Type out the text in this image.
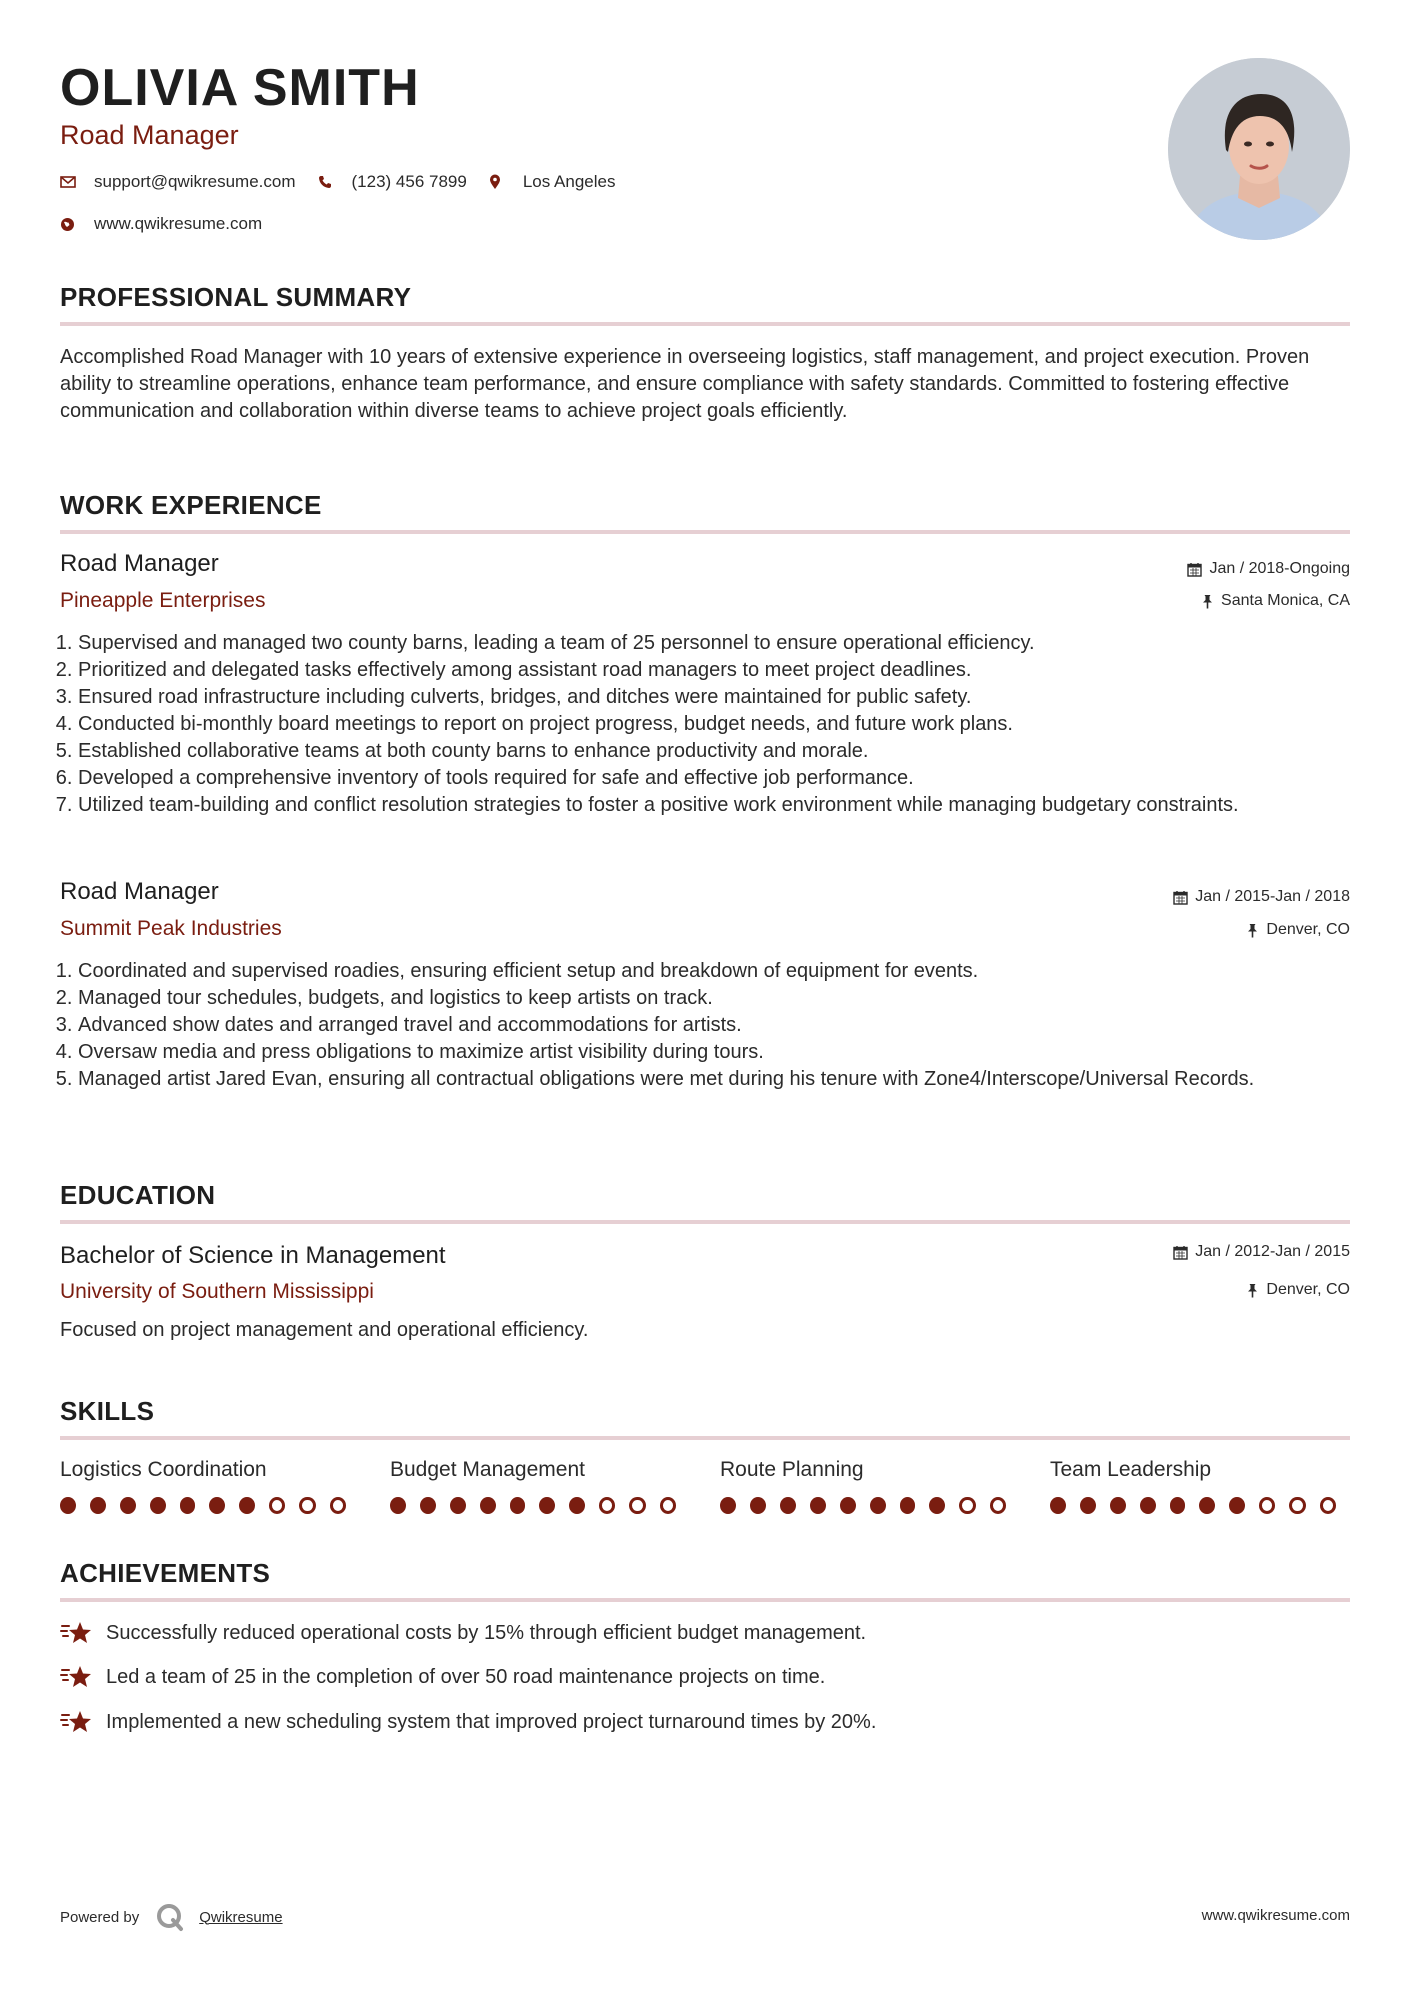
OLIVIA SMITH
Road Manager
support@qwikresume.com	(123) 456 7899	Los Angeles
www.qwikresume.com
PROFESSIONAL SUMMARY
Accomplished Road Manager with 10 years of extensive experience in overseeing logistics, staff management, and project execution. Proven ability to streamline operations, enhance team performance, and ensure compliance with safety standards. Committed to fostering effective communication and collaboration within diverse teams to achieve project goals efficiently.
WORK EXPERIENCE
Road Manager
Pineapple Enterprises
Jan / 2018-Ongoing
Santa Monica, CA
1. Supervised and managed two county barns, leading a team of 25 personnel to ensure operational efficiency.
2. Prioritized and delegated tasks effectively among assistant road managers to meet project deadlines.
3. Ensured road infrastructure including culverts, bridges, and ditches were maintained for public safety.
4. Conducted bi-monthly board meetings to report on project progress, budget needs, and future work plans.
5. Established collaborative teams at both county barns to enhance productivity and morale.
6. Developed a comprehensive inventory of tools required for safe and effective job performance.
7. Utilized team-building and conflict resolution strategies to foster a positive work environment while managing budgetary constraints.
Road Manager
Summit Peak Industries
Jan / 2015-Jan / 2018
Denver, CO
1. Coordinated and supervised roadies, ensuring efficient setup and breakdown of equipment for events.
2. Managed tour schedules, budgets, and logistics to keep artists on track.
3. Advanced show dates and arranged travel and accommodations for artists.
4. Oversaw media and press obligations to maximize artist visibility during tours.
5. Managed artist Jared Evan, ensuring all contractual obligations were met during his tenure with Zone4/Interscope/Universal Records.
EDUCATION
Bachelor of Science in Management
University of Southern Mississippi
Jan / 2012-Jan / 2015
Denver, CO
Focused on project management and operational efficiency.
SKILLS
Logistics Coordination	Budget Management	Route Planning	Team Leadership
ACHIEVEMENTS
Successfully reduced operational costs by 15% through efficient budget management.
Led a team of 25 in the completion of over 50 road maintenance projects on time.
Implemented a new scheduling system that improved project turnaround times by 20%.
Powered by	Qwikresume	www.qwikresume.com
